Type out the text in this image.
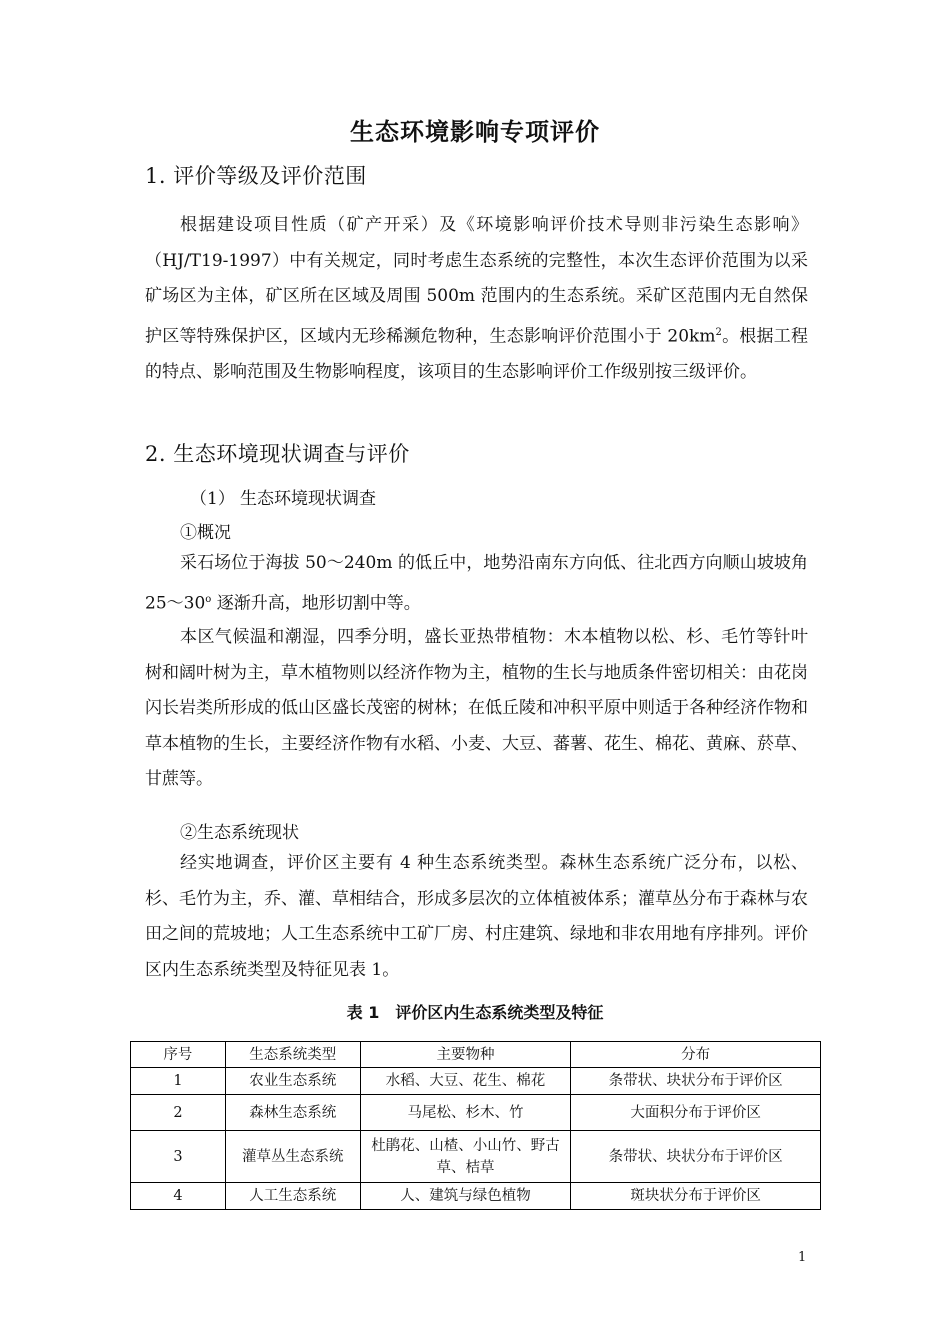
生态环境影响专项评价
1. 评价等级及评价范围

根据建设项目性质（矿产开采）及《环境影响评价技术导则非污染生态影响》（HJ/T19-1997）中有关规定，同时考虑生态系统的完整性，本次生态评价范围为以采矿场区为主体，矿区所在区域及周围 500m 范围内的生态系统。采矿区范围内无自然保护区等特殊保护区，区域内无珍稀濒危物种，生态影响评价范围小于 $20km^2$。根据工程的特点、影响范围及生物影响程度，该项目的生态影响评价工作级别按三级评价。

2. 生态环境现状调查与评价
（1） 生态环境现状调查
①概况

采石场位于海拔 50～240m 的低丘中，地势沿南东方向低、往北西方向顺山坡坡角 25～30$^o$ 逐渐升高，地形切割中等。

本区气候温和潮湿，四季分明，盛长亚热带植物：木本植物以松、杉、毛竹等针叶树和阔叶树为主，草木植物则以经济作物为主，植物的生长与地质条件密切相关：由花岗闪长岩类所形成的低山区盛长茂密的树林；在低丘陵和冲积平原中则适于各种经济作物和草本植物的生长，主要经济作物有水稻、小麦、大豆、蕃薯、花生、棉花、黄麻、菸草、甘蔗等。

②生态系统现状

经实地调查，评价区主要有 4 种生态系统类型。森林生态系统广泛分布，以松、杉、毛竹为主，乔、灌、草相结合，形成多层次的立体植被体系；灌草丛分布于森林与农田之间的荒坡地；人工生态系统中工矿厂房、村庄建筑、绿地和非农用地有序排列。评价区内生态系统类型及特征见表 1。

表 1　评价区内生态系统类型及特征
序号	生态系统类型	主要物种	分布
1	农业生态系统	水稻、大豆、花生、棉花	条带状、块状分布于评价区
2	森林生态系统	马尾松、杉木、竹	大面积分布于评价区
3	灌草丛生态系统	杜鹃花、山楂、小山竹、野古草、桔草	条带状、块状分布于评价区
4	人工生态系统	人、建筑与绿色植物	斑块状分布于评价区
1
